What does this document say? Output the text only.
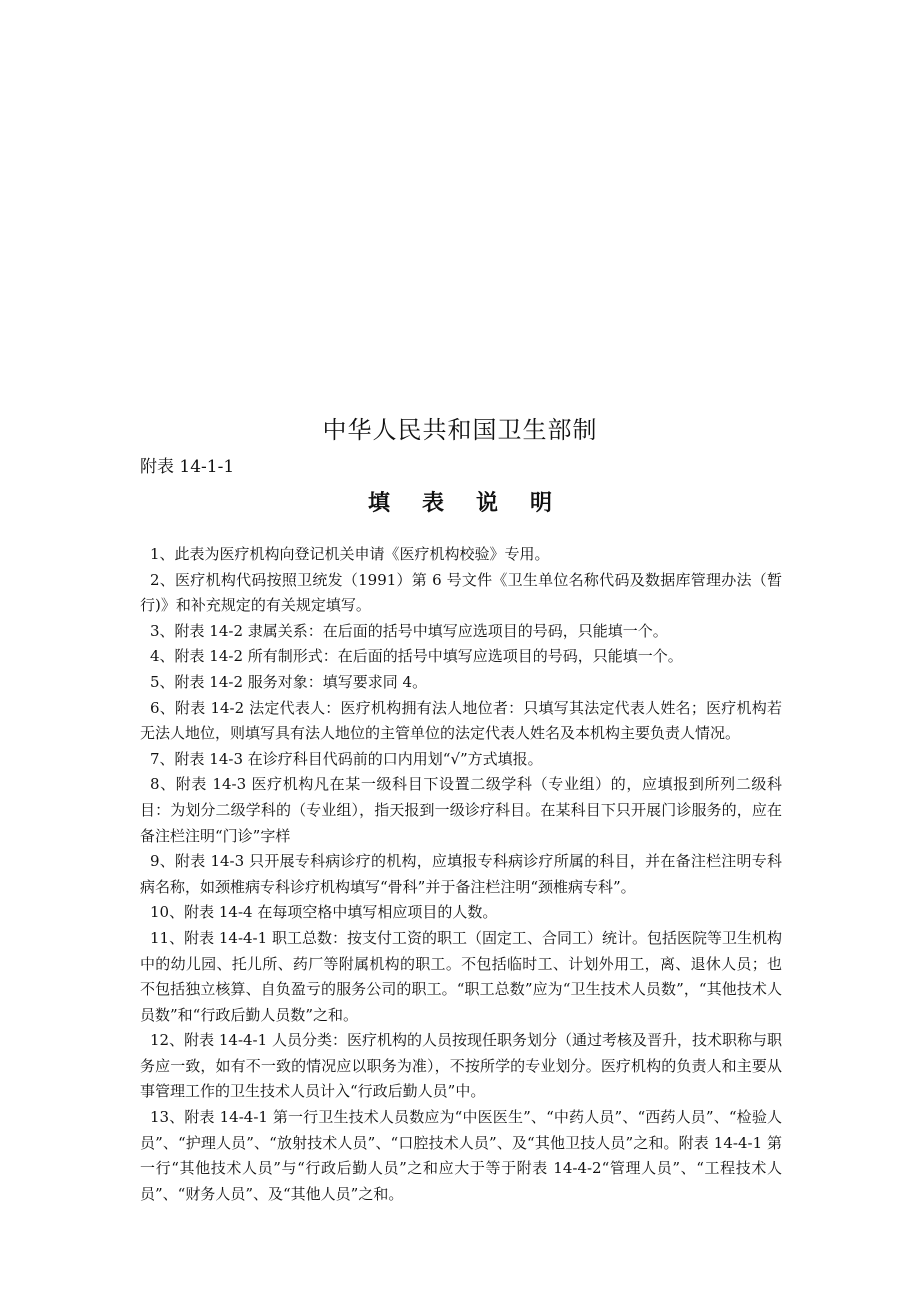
中华人民共和国卫生部制
附表 14-1-1
填表说明
1、此表为医疗机构向登记机关申请《医疗机构校验》专用。
2、医疗机构代码按照卫统发（1991）第 6 号文件《卫生单位名称代码及数据库管理办法（暂行)》和补充规定的有关规定填写。
3、附表 14-2 隶属关系：在后面的括号中填写应选项目的号码，只能填一个。
4、附表 14-2 所有制形式：在后面的括号中填写应选项目的号码，只能填一个。
5、附表 14-2 服务对象：填写要求同 4。
6、附表 14-2 法定代表人：医疗机构拥有法人地位者：只填写其法定代表人姓名；医疗机构若无法人地位，则填写具有法人地位的主管单位的法定代表人姓名及本机构主要负责人情况。
7、附表 14-3 在诊疗科目代码前的口内用划“√”方式填报。
8、附表 14-3 医疗机构凡在某一级科目下设置二级学科（专业组）的，应填报到所列二级科目：为划分二级学科的（专业组），指天报到一级诊疗科目。在某科目下只开展门诊服务的，应在备注栏注明“门诊”字样
9、附表 14-3 只开展专科病诊疗的机构，应填报专科病诊疗所属的科目，并在备注栏注明专科病名称，如颈椎病专科诊疗机构填写“骨科”并于备注栏注明“颈椎病专科”。
10、附表 14-4 在每项空格中填写相应项目的人数。
11、附表 14-4-1 职工总数：按支付工资的职工（固定工、合同工）统计。包括医院等卫生机构中的幼儿园、托儿所、药厂等附属机构的职工。不包括临时工、计划外用工，离、退休人员；也不包括独立核算、自负盈亏的服务公司的职工。“职工总数”应为“卫生技术人员数”，“其他技术人员数”和“行政后勤人员数”之和。
12、附表 14-4-1 人员分类：医疗机构的人员按现任职务划分（通过考核及晋升，技术职称与职务应一致，如有不一致的情况应以职务为准），不按所学的专业划分。医疗机构的负责人和主要从事管理工作的卫生技术人员计入“行政后勤人员”中。
13、附表 14-4-1 第一行卫生技术人员数应为“中医医生”、“中药人员”、“西药人员”、“检验人员”、“护理人员”、“放射技术人员”、“口腔技术人员”、及“其他卫技人员”之和。附表 14-4-1 第一行“其他技术人员”与“行政后勤人员”之和应大于等于附表 14-4-2“管理人员”、“工程技术人员”、“财务人员”、及“其他人员”之和。
